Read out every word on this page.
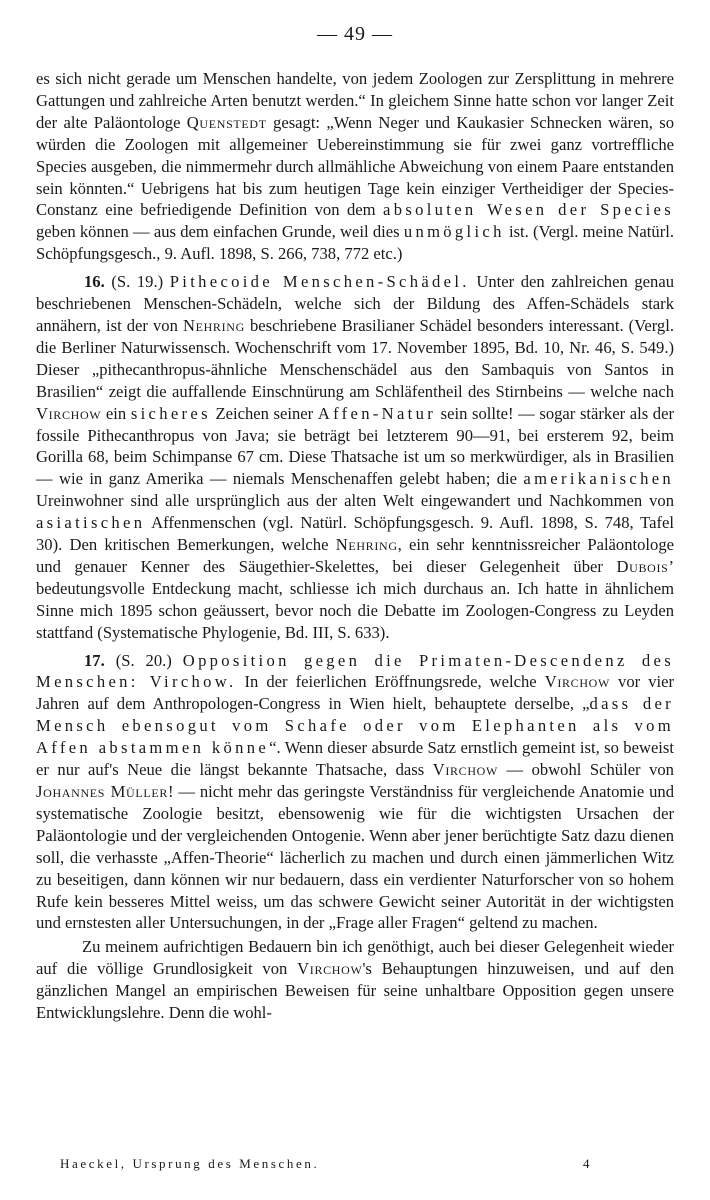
— 49 —

es sich nicht gerade um Menschen handelte, von jedem Zoologen zur Zersplittung in mehrere Gattungen und zahlreiche Arten benutzt werden.“ In gleichem Sinne hatte schon vor langer Zeit der alte Paläontologe Quenstedt gesagt: „Wenn Neger und Kaukasier Schnecken wären, so würden die Zoologen mit allgemeiner Uebereinstimmung sie für zwei ganz vortreffliche Species ausgeben, die nimmermehr durch allmähliche Abweichung von einem Paare entstanden sein könnten.“ Uebrigens hat bis zum heutigen Tage kein einziger Vertheidiger der Species-Constanz eine befriedigende Definition von dem absoluten Wesen der Species geben können — aus dem einfachen Grunde, weil dies unmöglich ist. (Vergl. meine Natürl. Schöpfungsgesch., 9. Aufl. 1898, S. 266, 738, 772 etc.)

16. (S. 19.) Pithecoide Menschen-Schädel. Unter den zahlreichen genau beschriebenen Menschen-Schädeln, welche sich der Bildung des Affen-Schädels stark annähern, ist der von Nehring beschriebene Brasilianer Schädel besonders interessant. (Vergl. die Berliner Naturwissensch. Wochenschrift vom 17. November 1895, Bd. 10, Nr. 46, S. 549.) Dieser „pithecanthropus-ähnliche Menschenschädel aus den Sambaquis von Santos in Brasilien“ zeigt die auffallende Einschnürung am Schläfentheil des Stirnbeins — welche nach Virchow ein sicheres Zeichen seiner Affen-Natur sein sollte! — sogar stärker als der fossile Pithecanthropus von Java; sie beträgt bei letzterem 90—91, bei ersterem 92, beim Gorilla 68, beim Schimpanse 67 cm. Diese Thatsache ist um so merkwürdiger, als in Brasilien — wie in ganz Amerika — niemals Menschenaffen gelebt haben; die amerikanischen Ureinwohner sind alle ursprünglich aus der alten Welt eingewandert und Nachkommen von asiatischen Affenmenschen (vgl. Natürl. Schöpfungsgesch. 9. Aufl. 1898, S. 748, Tafel 30). Den kritischen Bemerkungen, welche Nehring, ein sehr kenntnissreicher Paläontologe und genauer Kenner des Säugethier-Skelettes, bei dieser Gelegenheit über Dubois’ bedeutungsvolle Entdeckung macht, schliesse ich mich durchaus an. Ich hatte in ähnlichem Sinne mich 1895 schon geäussert, bevor noch die Debatte im Zoologen-Congress zu Leyden stattfand (Systematische Phylogenie, Bd. III, S. 633).

17. (S. 20.) Opposition gegen die Primaten-Descendenz des Menschen: Virchow. In der feierlichen Eröffnungsrede, welche Virchow vor vier Jahren auf dem Anthropologen-Congress in Wien hielt, behauptete derselbe, „dass der Mensch ebensogut vom Schafe oder vom Elephanten als vom Affen abstammen könne“. Wenn dieser absurde Satz ernstlich gemeint ist, so beweist er nur auf's Neue die längst bekannte Thatsache, dass Virchow — obwohl Schüler von Johannes Müller! — nicht mehr das geringste Verständniss für vergleichende Anatomie und systematische Zoologie besitzt, ebensowenig wie für die wichtigsten Ursachen der Paläontologie und der vergleichenden Ontogenie. Wenn aber jener berüchtigte Satz dazu dienen soll, die verhasste „Affen-Theorie“ lächerlich zu machen und durch einen jämmerlichen Witz zu beseitigen, dann können wir nur bedauern, dass ein verdienter Naturforscher von so hohem Rufe kein besseres Mittel weiss, um das schwere Gewicht seiner Autorität in der wichtigsten und ernstesten aller Untersuchungen, in der „Frage aller Fragen“ geltend zu machen.

Zu meinem aufrichtigen Bedauern bin ich genöthigt, auch bei dieser Gelegenheit wieder auf die völlige Grundlosigkeit von Virchow's Behauptungen hinzuweisen, und auf den gänzlichen Mangel an empirischen Beweisen für seine unhaltbare Opposition gegen unsere Entwicklungslehre. Denn die wohl-

Haeckel, Ursprung des Menschen.	4
